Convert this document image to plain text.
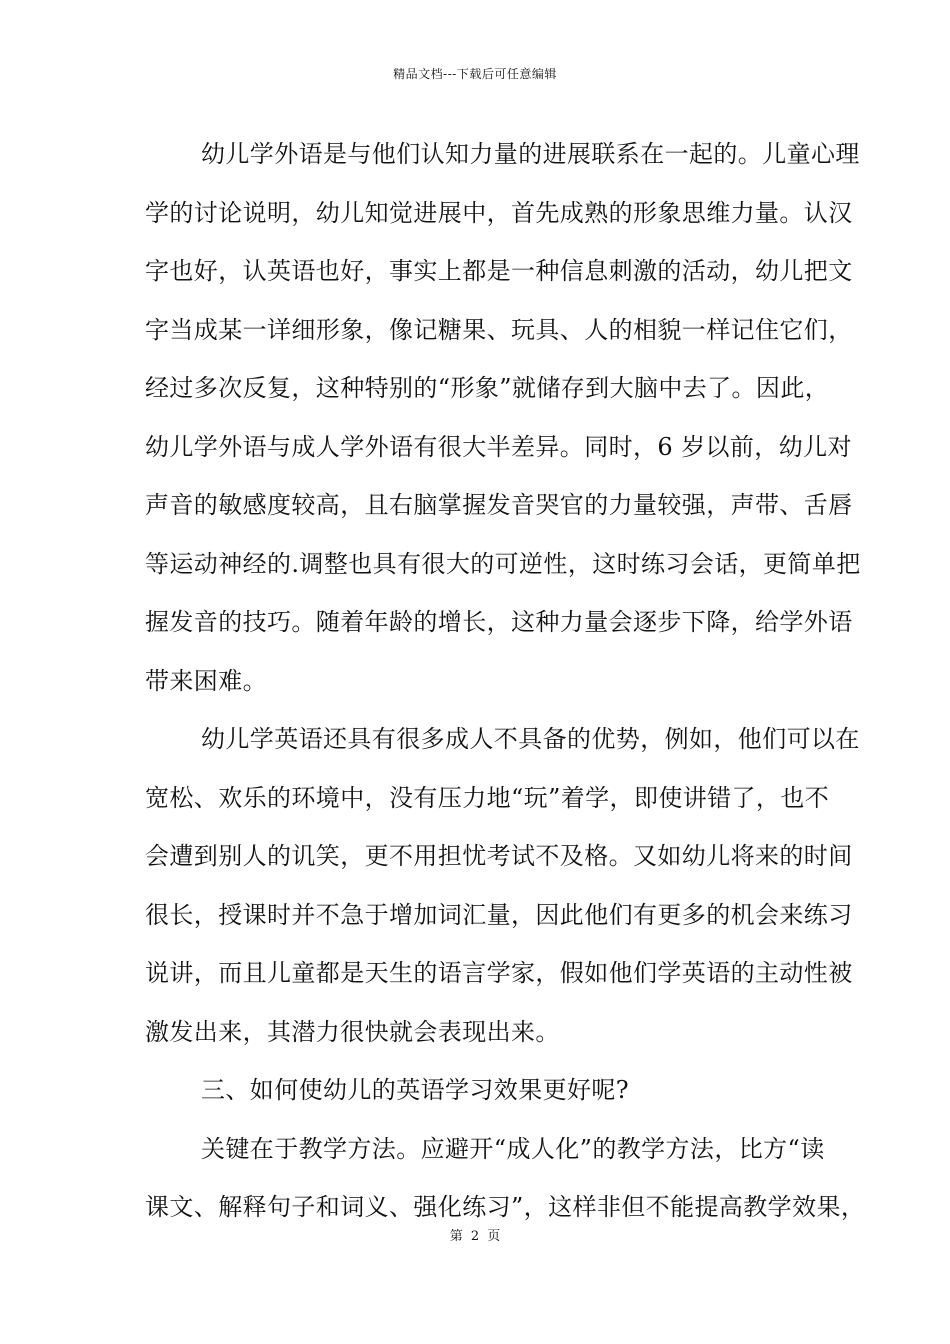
精品文档---下载后可任意编辑
幼儿学外语是与他们认知力量的进展联系在一起的。儿童心理
学的讨论说明，幼儿知觉进展中，首先成熟的形象思维力量。认汉
字也好，认英语也好，事实上都是一种信息刺激的活动，幼儿把文
字当成某一详细形象，像记糖果、玩具、人的相貌一样记住它们，
经过多次反复，这种特别的“形象”就储存到大脑中去了。因此，
幼儿学外语与成人学外语有很大半差异。同时，6 岁以前，幼儿对
声音的敏感度较高，且右脑掌握发音哭官的力量较强，声带、舌唇
等运动神经的.调整也具有很大的可逆性，这时练习会话，更简单把
握发音的技巧。随着年龄的增长，这种力量会逐步下降，给学外语
带来困难。
幼儿学英语还具有很多成人不具备的优势，例如，他们可以在
宽松、欢乐的环境中，没有压力地“玩”着学，即使讲错了，也不
会遭到别人的讥笑，更不用担忧考试不及格。又如幼儿将来的时间
很长，授课时并不急于增加词汇量，因此他们有更多的机会来练习
说讲，而且儿童都是天生的语言学家，假如他们学英语的主动性被
激发出来，其潜力很快就会表现出来。
三、如何使幼儿的英语学习效果更好呢?
关键在于教学方法。应避开“成人化”的教学方法，比方“读
课文、解释句子和词义、强化练习”，这样非但不能提高教学效果，
第 2 页
